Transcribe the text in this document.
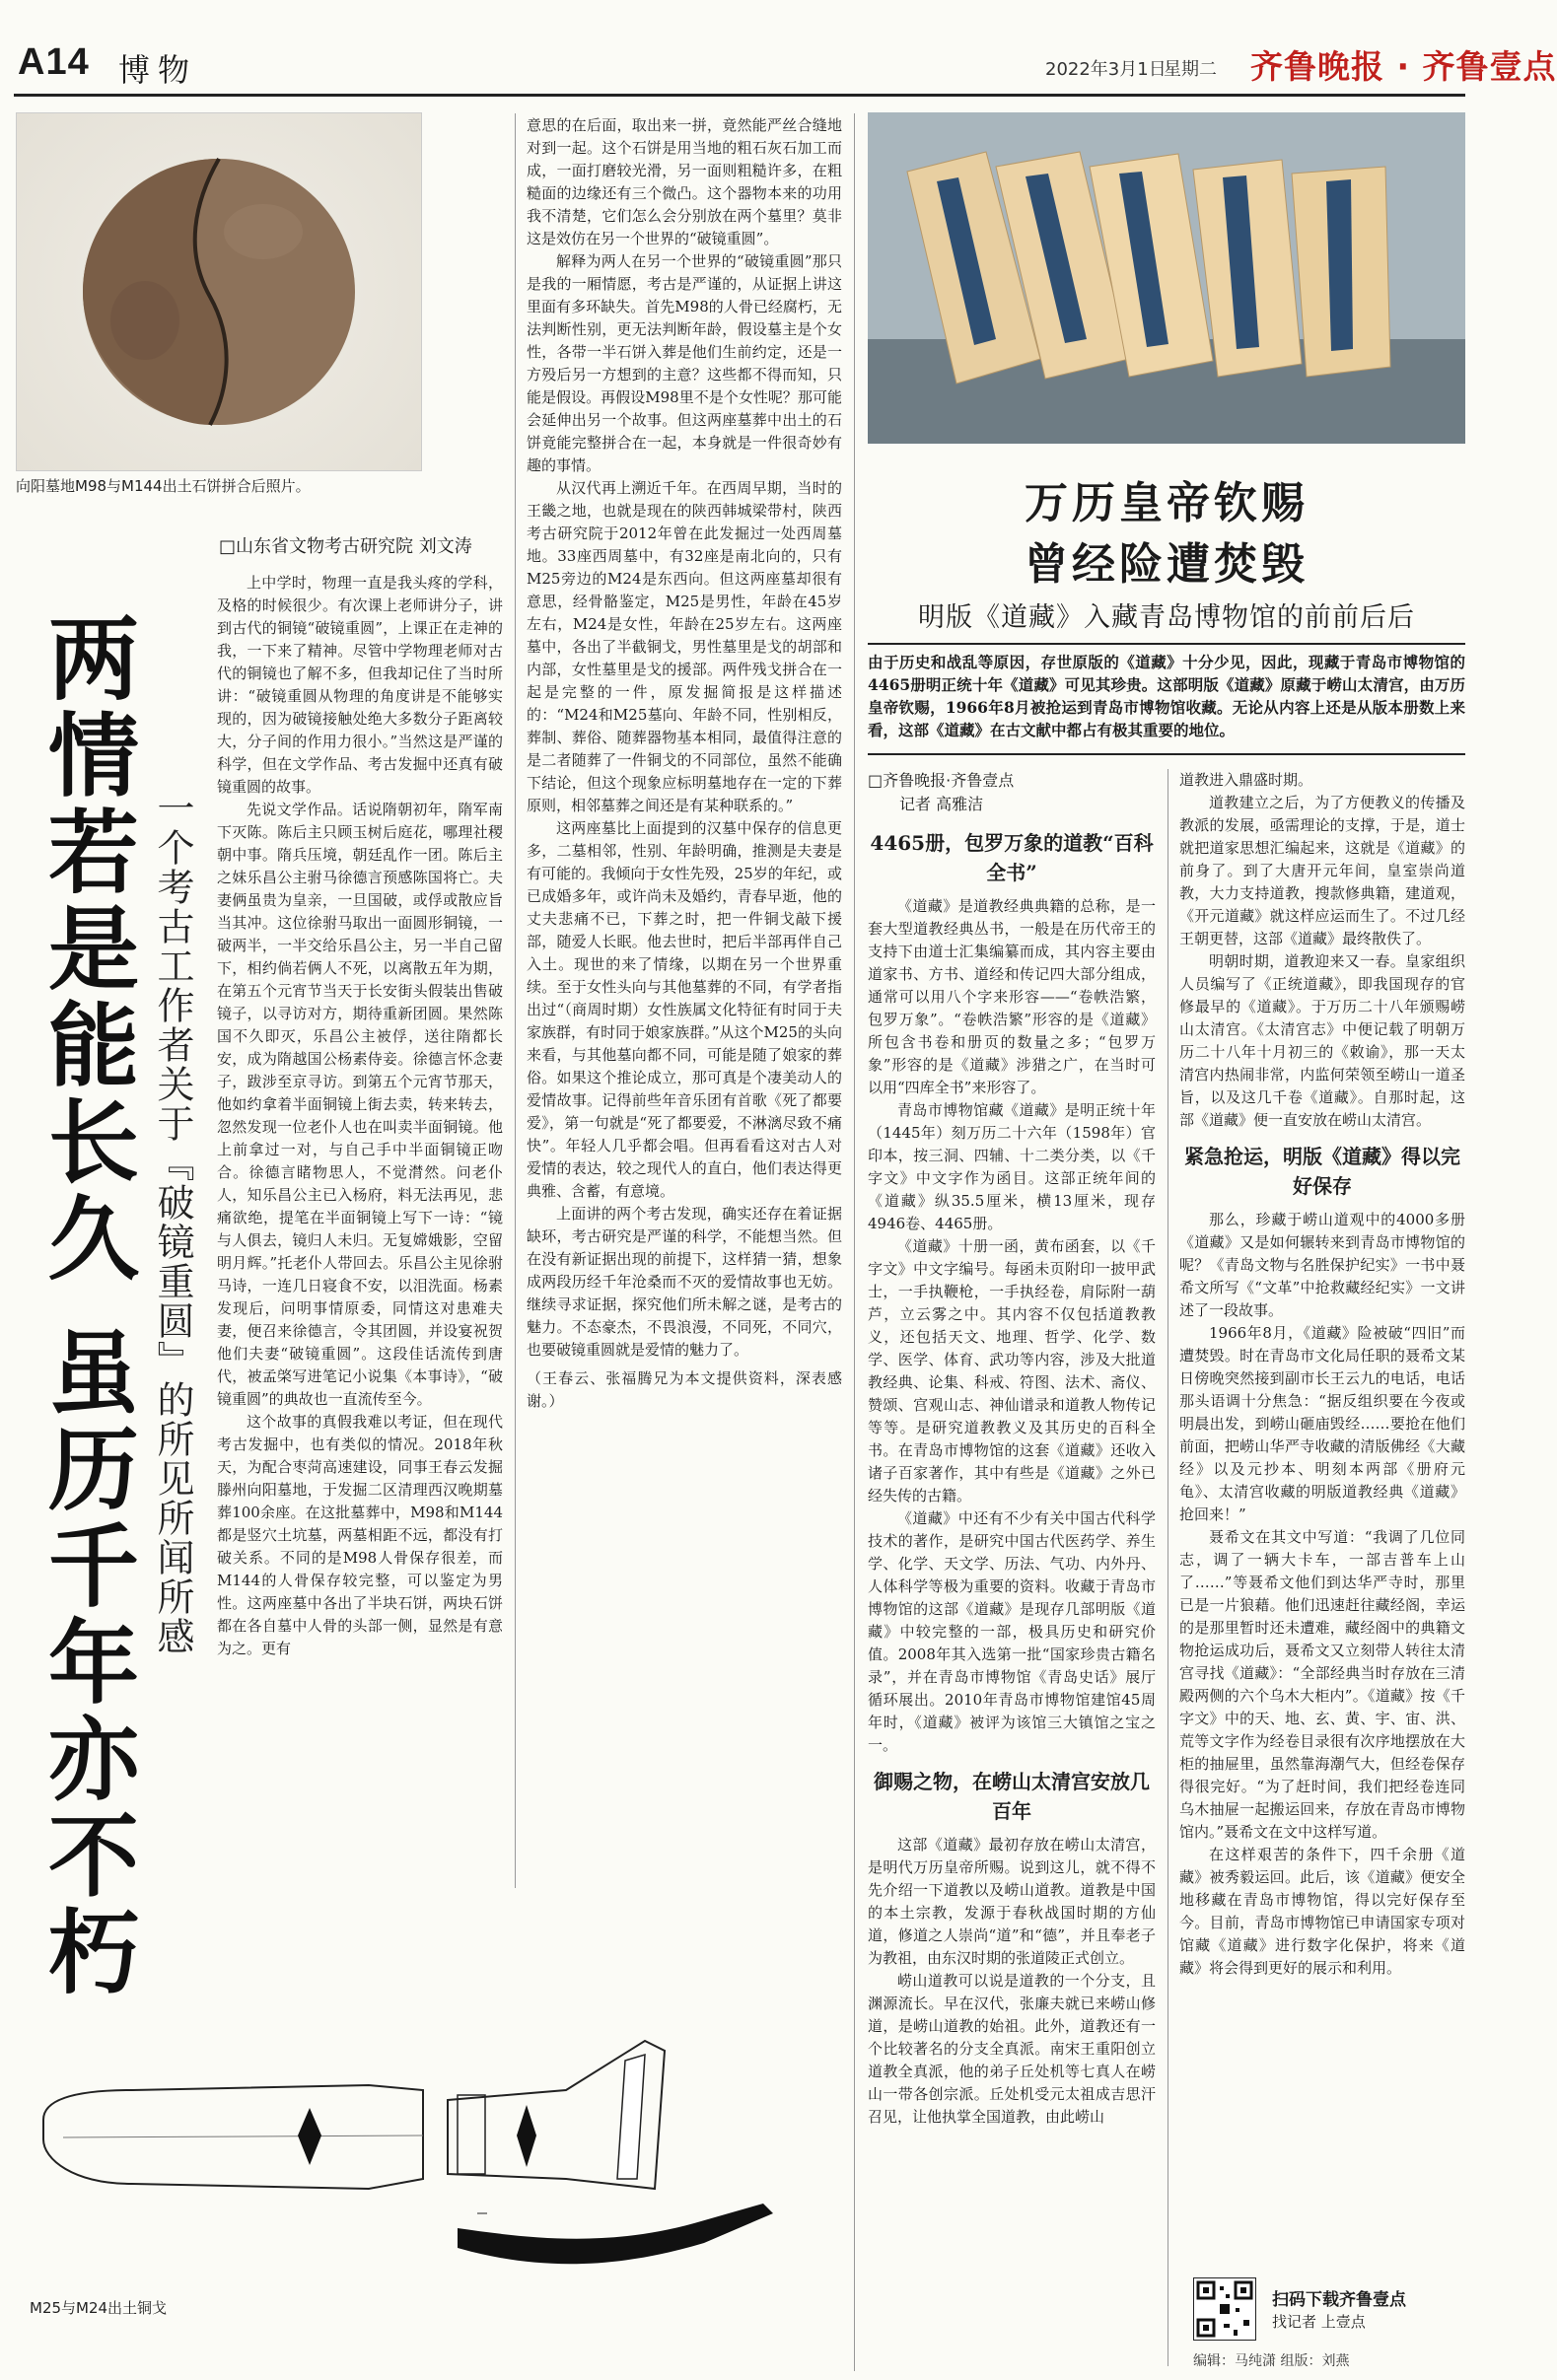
A14 博物	2022年3月1日
星期二 齐鲁晚报 · 齐鲁壹点
向阳墓地M98与M144出土石饼拼合后照片。
两情若是能长久 虽历千年亦不朽 一个考古工作者关于『破镜重圆』的所见所闻所感
□山东省文物考古研究院 刘文涛

上中学时，物理一直是我头疼的学科，及格的时候很少。有次课上老师讲分子，讲到古代的铜镜“破镜重圆”，上课正在走神的我，一下来了精神。尽管中学物理老师对古代的铜镜也了解不多，但我却记住了当时所讲：“破镜重圆从物理的角度讲是不能够实现的，因为破镜接触处绝大多数分子距离较大，分子间的作用力很小。”当然这是严谨的科学，但在文学作品、考古发掘中还真有破镜重圆的故事。

先说文学作品。话说隋朝初年，隋军南下灭陈。陈后主只顾玉树后庭花，哪理社稷朝中事。隋兵压境，朝廷乱作一团。陈后主之妹乐昌公主驸马徐德言预感陈国将亡。夫妻俩虽贵为皇亲，一旦国破，或俘或散应旨当其冲。这位徐驸马取出一面圆形铜镜，一破两半，一半交给乐昌公主，另一半自己留下，相约倘若俩人不死，以离散五年为期，在第五个元宵节当天于长安街头假装出售破镜子，以寻访对方，期待重新团圆。果然陈国不久即灭，乐昌公主被俘，送往隋都长安，成为隋越国公杨素侍妾。徐德言怀念妻子，跋涉至京寻访。到第五个元宵节那天，他如约拿着半面铜镜上街去卖，转来转去，忽然发现一位老仆人也在叫卖半面铜镜。他上前拿过一对，与自己手中半面铜镜正吻合。徐德言睹物思人，不觉潸然。问老仆人，知乐昌公主已入杨府，料无法再见，悲痛欲绝，提笔在半面铜镜上写下一诗：“镜与人俱去，镜归人未归。无复嫦娥影，空留明月辉。”托老仆人带回去。乐昌公主见徐驸马诗，一连几日寝食不安，以泪洗面。杨素发现后，问明事情原委，同情这对患难夫妻，便召来徐德言，令其团圆，并设宴祝贺他们夫妻“破镜重圆”。这段佳话流传到唐代，被孟棨写进笔记小说集《本事诗》，“破镜重圆”的典故也一直流传至今。

这个故事的真假我难以考证，但在现代考古发掘中，也有类似的情况。2018年秋天，为配合枣菏高速建设，同事王春云发掘滕州向阳墓地，于发掘二区清理西汉晚期墓葬100余座。在这批墓葬中，M98和M144都是竖穴土坑墓，两墓相距不远，都没有打破关系。不同的是M98人骨保存很差，而M144的人骨保存较完整，可以鉴定为男性。这两座墓中各出了半块石饼，两块石饼都在各自墓中人骨的头部一侧，显然是有意为之。更有

意思的在后面，取出来一拼，竟然能严丝合缝地对到一起。这个石饼是用当地的粗石灰石加工而成，一面打磨较光滑，另一面则粗糙许多，在粗糙面的边缘还有三个微凸。这个器物本来的功用我不清楚，它们怎么会分别放在两个墓里？莫非这是效仿在另一个世界的“破镜重圆”。

解释为两人在另一个世界的“破镜重圆”那只是我的一厢情愿，考古是严谨的，从证据上讲这里面有多环缺失。首先M98的人骨已经腐朽，无法判断性别，更无法判断年龄，假设墓主是个女性，各带一半石饼入葬是他们生前约定，还是一方殁后另一方想到的主意？这些都不得而知，只能是假设。再假设M98里不是个女性呢？那可能会延伸出另一个故事。但这两座墓葬中出土的石饼竟能完整拼合在一起，本身就是一件很奇妙有趣的事情。

从汉代再上溯近千年。在西周早期，当时的王畿之地，也就是现在的陕西韩城梁带村，陕西考古研究院于2012年曾在此发掘过一处西周墓地。33座西周墓中，有32座是南北向的，只有M25旁边的M24是东西向。但这两座墓却很有意思，经骨骼鉴定，M25是男性，年龄在45岁左右，M24是女性，年龄在25岁左右。这两座墓中，各出了半截铜戈，男性墓里是戈的胡部和内部，女性墓里是戈的援部。两件残戈拼合在一起是完整的一件，原发掘简报是这样描述的：“M24和M25墓向、年龄不同，性别相反，葬制、葬俗、随葬器物基本相同，最值得注意的是二者随葬了一件铜戈的不同部位，虽然不能确下结论，但这个现象应标明墓地存在一定的下葬原则，相邻墓葬之间还是有某种联系的。”

这两座墓比上面提到的汉墓中保存的信息更多，二墓相邻，性别、年龄明确，推测是夫妻是有可能的。我倾向于女性先殁，25岁的年纪，或已成婚多年，或许尚未及婚约，青春早逝，他的丈夫悲痛不已，下葬之时，把一件铜戈敲下援部，随爱人长眠。他去世时，把后半部再伴自己入土。现世的来了情缘，以期在另一个世界重续。至于女性头向与其他墓葬的不同，有学者指出过“（商周时期）女性族属文化特征有时同于夫家族群，有时同于娘家族群。”从这个M25的头向来看，与其他墓向都不同，可能是随了娘家的葬俗。如果这个推论成立，那可真是个凄美动人的爱情故事。记得前些年音乐团有首歌《死了都要爱》，第一句就是“死了都要爱，不淋漓尽致不痛快”。年轻人几乎都会唱。但再看看这对古人对爱情的表达，较之现代人的直白，他们表达得更典雅、含蓄，有意境。

上面讲的两个考古发现，确实还存在着证据缺环，考古研究是严谨的科学，不能想当然。但在没有新证据出现的前提下，这样猜一猜，想象成两段历经千年沧桑而不灭的爱情故事也无妨。继续寻求证据，探究他们所未解之谜，是考古的魅力。不态豪杰，不畏浪漫，不同死，不同穴，也要破镜重圆就是爱情的魅力了。

（王春云、张福腾兄为本文提供资料，深表感谢。）

万历皇帝钦赐
曾经险遭焚毁
明版《道藏》入藏青岛博物馆的前前后后
由于历史和战乱等原因，存世原版的《道藏》十分少见，因此，现藏于青岛市博物馆的4465册明正统十年《道藏》可见其珍贵。这部明版《道藏》原藏于崂山太清宫，由万历皇帝钦赐，1966年8月被抢运到青岛市博物馆收藏。无论从内容上还是从版本册数上来看，这部《道藏》在古文献中都占有极其重要的地位。
□齐鲁晚报·齐鲁壹点
记者 高雅洁
4465册，包罗万象的道教“百科全书”

《道藏》是道教经典典籍的总称，是一套大型道教经典丛书，一般是在历代帝王的支持下由道士汇集编纂而成，其内容主要由道家书、方书、道经和传记四大部分组成，通常可以用八个字来形容——“卷帙浩繁，包罗万象”。“卷帙浩繁”形容的是《道藏》所包含书卷和册页的数量之多；“包罗万象”形容的是《道藏》涉猎之广，在当时可以用“四库全书”来形容了。

青岛市博物馆藏《道藏》是明正统十年（1445年）刻万历二十六年（1598年）官印本，按三洞、四辅、十二类分类，以《千字文》中文字作为函目。这部正统年间的《道藏》纵35.5厘米，横13厘米，现存4946卷、4465册。

《道藏》十册一函，黄布函套，以《千字文》中文字编号。每函未页附印一披甲武士，一手执鞭枪，一手执经卷，肩际附一葫芦，立云雾之中。其内容不仅包括道教教义，还包括天文、地理、哲学、化学、数学、医学、体育、武功等内容，涉及大批道教经典、论集、科戒、符图、法术、斋仪、赞颂、宫观山志、神仙谱录和道教人物传记等等。是研究道教教义及其历史的百科全书。在青岛市博物馆的这套《道藏》还收入诸子百家著作，其中有些是《道藏》之外已经失传的古籍。

《道藏》中还有不少有关中国古代科学技术的著作，是研究中国古代医药学、养生学、化学、天文学、历法、气功、内外丹、人体科学等极为重要的资料。收藏于青岛市博物馆的这部《道藏》是现存几部明版《道藏》中较完整的一部，极具历史和研究价值。2008年其入选第一批“国家珍贵古籍名录”，并在青岛市博物馆《青岛史话》展厅循环展出。2010年青岛市博物馆建馆45周年时，《道藏》被评为该馆三大镇馆之宝之一。

御赐之物，在崂山太清宫安放几百年

这部《道藏》最初存放在崂山太清宫，是明代万历皇帝所赐。说到这儿，就不得不先介绍一下道教以及崂山道教。道教是中国的本土宗教，发源于春秋战国时期的方仙道，修道之人崇尚“道”和“德”，并且奉老子为教祖，由东汉时期的张道陵正式创立。

崂山道教可以说是道教的一个分支，且渊源流长。早在汉代，张廉夫就已来崂山修道，是崂山道教的始祖。此外，道教还有一个比较著名的分支全真派。南宋王重阳创立道教全真派，他的弟子丘处机等七真人在崂山一带各创宗派。丘处机受元太祖成吉思汗召见，让他执掌全国道教，由此崂山

道教进入鼎盛时期。

道教建立之后，为了方便教义的传播及教派的发展，亟需理论的支撑，于是，道士就把道家思想汇编起来，这就是《道藏》的前身了。到了大唐开元年间，皇室崇尚道教，大力支持道教，搜款修典籍，建道观，《开元道藏》就这样应运而生了。不过几经王朝更替，这部《道藏》最终散佚了。

明朝时期，道教迎来又一春。皇家组织人员编写了《正统道藏》，即我国现存的官修最早的《道藏》。于万历二十八年颁赐崂山太清宫。《太清宫志》中便记载了明朝万历二十八年十月初三的《敕谕》，那一天太清宫内热闹非常，内监何荣领至崂山一道圣旨，以及这几千卷《道藏》。自那时起，这部《道藏》便一直安放在崂山太清宫。

紧急抢运，明版《道藏》得以完好保存

那么，珍藏于崂山道观中的4000多册《道藏》又是如何辗转来到青岛市博物馆的呢？《青岛文物与名胜保护纪实》一书中聂希文所写《“文革”中抢救藏经纪实》一文讲述了一段故事。

1966年8月，《道藏》险被破“四旧”而遭焚毁。时在青岛市文化局任职的聂希文某日傍晚突然接到副市长王云九的电话，电话那头语调十分焦急：“据反组织要在今夜或明晨出发，到崂山砸庙毁经……要抢在他们前面，把崂山华严寺收藏的清版佛经《大藏经》以及元抄本、明刻本两部《册府元龟》、太清宫收藏的明版道教经典《道藏》抢回来！”

聂希文在其文中写道：“我调了几位同志，调了一辆大卡车，一部吉普车上山了……”等聂希文他们到达华严寺时，那里已是一片狼藉。他们迅速赶往藏经阁，幸运的是那里暂时还未遭难，藏经阁中的典籍文物抢运成功后，聂希文又立刻带人转往太清宫寻找《道藏》：“全部经典当时存放在三清殿两侧的六个乌木大柜内”。《道藏》按《千字文》中的天、地、玄、黄、宇、宙、洪、荒等文字作为经卷目录很有次序地摆放在大柜的抽屉里，虽然靠海潮气大，但经卷保存得很完好。“为了赶时间，我们把经卷连同乌木抽屉一起搬运回来，存放在青岛市博物馆内。”聂希文在文中这样写道。

在这样艰苦的条件下，四千余册《道藏》被秀毅运回。此后，该《道藏》便安全地移藏在青岛市博物馆，得以完好保存至今。目前，青岛市博物馆已申请国家专项对馆藏《道藏》进行数字化保护，将来《道藏》将会得到更好的展示和利用。

M25与M24出土铜戈	扫码下载齐鲁壹点
找记者 上壹点
编辑：马纯潇 组版：刘燕
